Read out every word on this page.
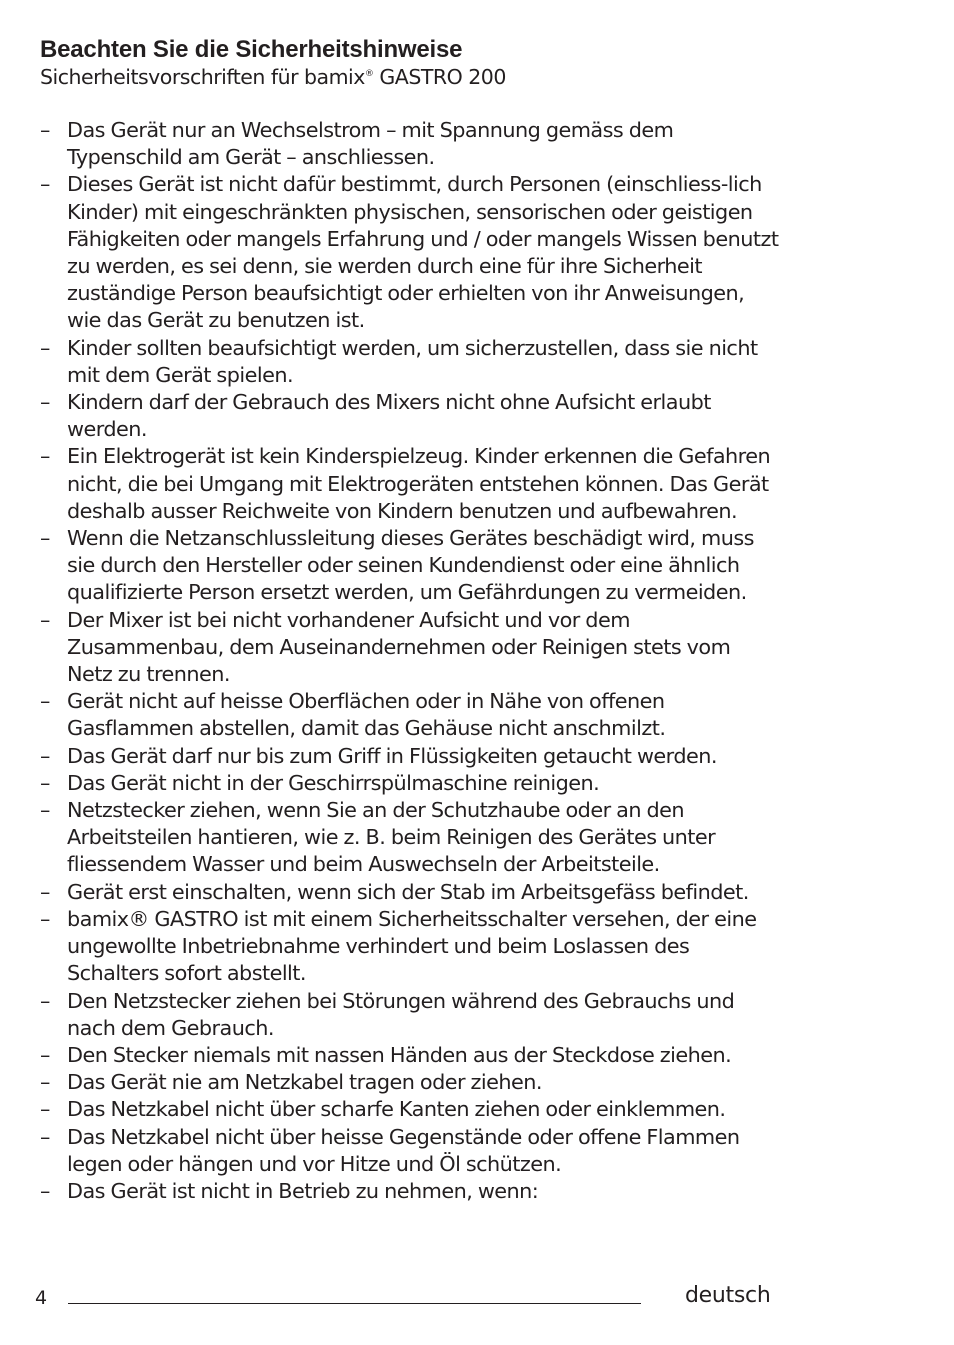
Beachten Sie die Sicherheitshinweise

Sicherheitsvorschriften für bamix® GASTRO 200

– Das Gerät nur an Wechselstrom – mit Spannung gemäss dem Typenschild am Gerät – anschliessen.
– Dieses Gerät ist nicht dafür bestimmt, durch Personen (einschliess-lich Kinder) mit eingeschränkten physischen, sensorischen oder geistigen Fähigkeiten oder mangels Erfahrung und / oder mangels Wissen benutzt zu werden, es sei denn, sie werden durch eine für ihre Sicherheit zuständige Person beaufsichtigt oder erhielten von ihr Anweisungen, wie das Gerät zu benutzen ist.
– Kinder sollten beaufsichtigt werden, um sicherzustellen, dass sie nicht mit dem Gerät spielen.
– Kindern darf der Gebrauch des Mixers nicht ohne Aufsicht erlaubt werden.
– Ein Elektrogerät ist kein Kinderspielzeug. Kinder erkennen die Gefahren nicht, die bei Umgang mit Elektrogeräten entstehen können. Das Gerät deshalb ausser Reichweite von Kindern benutzen und aufbewahren.
– Wenn die Netzanschlussleitung dieses Gerätes beschädigt wird, muss sie durch den Hersteller oder seinen Kundendienst oder eine ähnlich qualifizierte Person ersetzt werden, um Gefährdungen zu vermeiden.
– Der Mixer ist bei nicht vorhandener Aufsicht und vor dem Zusammenbau, dem Auseinandernehmen oder Reinigen stets vom Netz zu trennen.
– Gerät nicht auf heisse Oberflächen oder in Nähe von offenen Gasflammen abstellen, damit das Gehäuse nicht anschmilzt.
– Das Gerät darf nur bis zum Griff in Flüssigkeiten getaucht werden.
– Das Gerät nicht in der Geschirrspülmaschine reinigen.
– Netzstecker ziehen, wenn Sie an der Schutzhaube oder an den Arbeitsteilen hantieren, wie z. B. beim Reinigen des Gerätes unter fliessendem Wasser und beim Auswechseln der Arbeitsteile.
– Gerät erst einschalten, wenn sich der Stab im Arbeitsgefäss befindet.
– bamix® GASTRO ist mit einem Sicherheitsschalter versehen, der eine ungewollte Inbetriebnahme verhindert und beim Loslassen des Schalters sofort abstellt.
– Den Netzstecker ziehen bei Störungen während des Gebrauchs und nach dem Gebrauch.
– Den Stecker niemals mit nassen Händen aus der Steckdose ziehen.
– Das Gerät nie am Netzkabel tragen oder ziehen.
– Das Netzkabel nicht über scharfe Kanten ziehen oder einklemmen.
– Das Netzkabel nicht über heisse Gegenstände oder offene Flammen legen oder hängen und vor Hitze und Öl schützen.
– Das Gerät ist nicht in Betrieb zu nehmen, wenn:
4	deutsch
